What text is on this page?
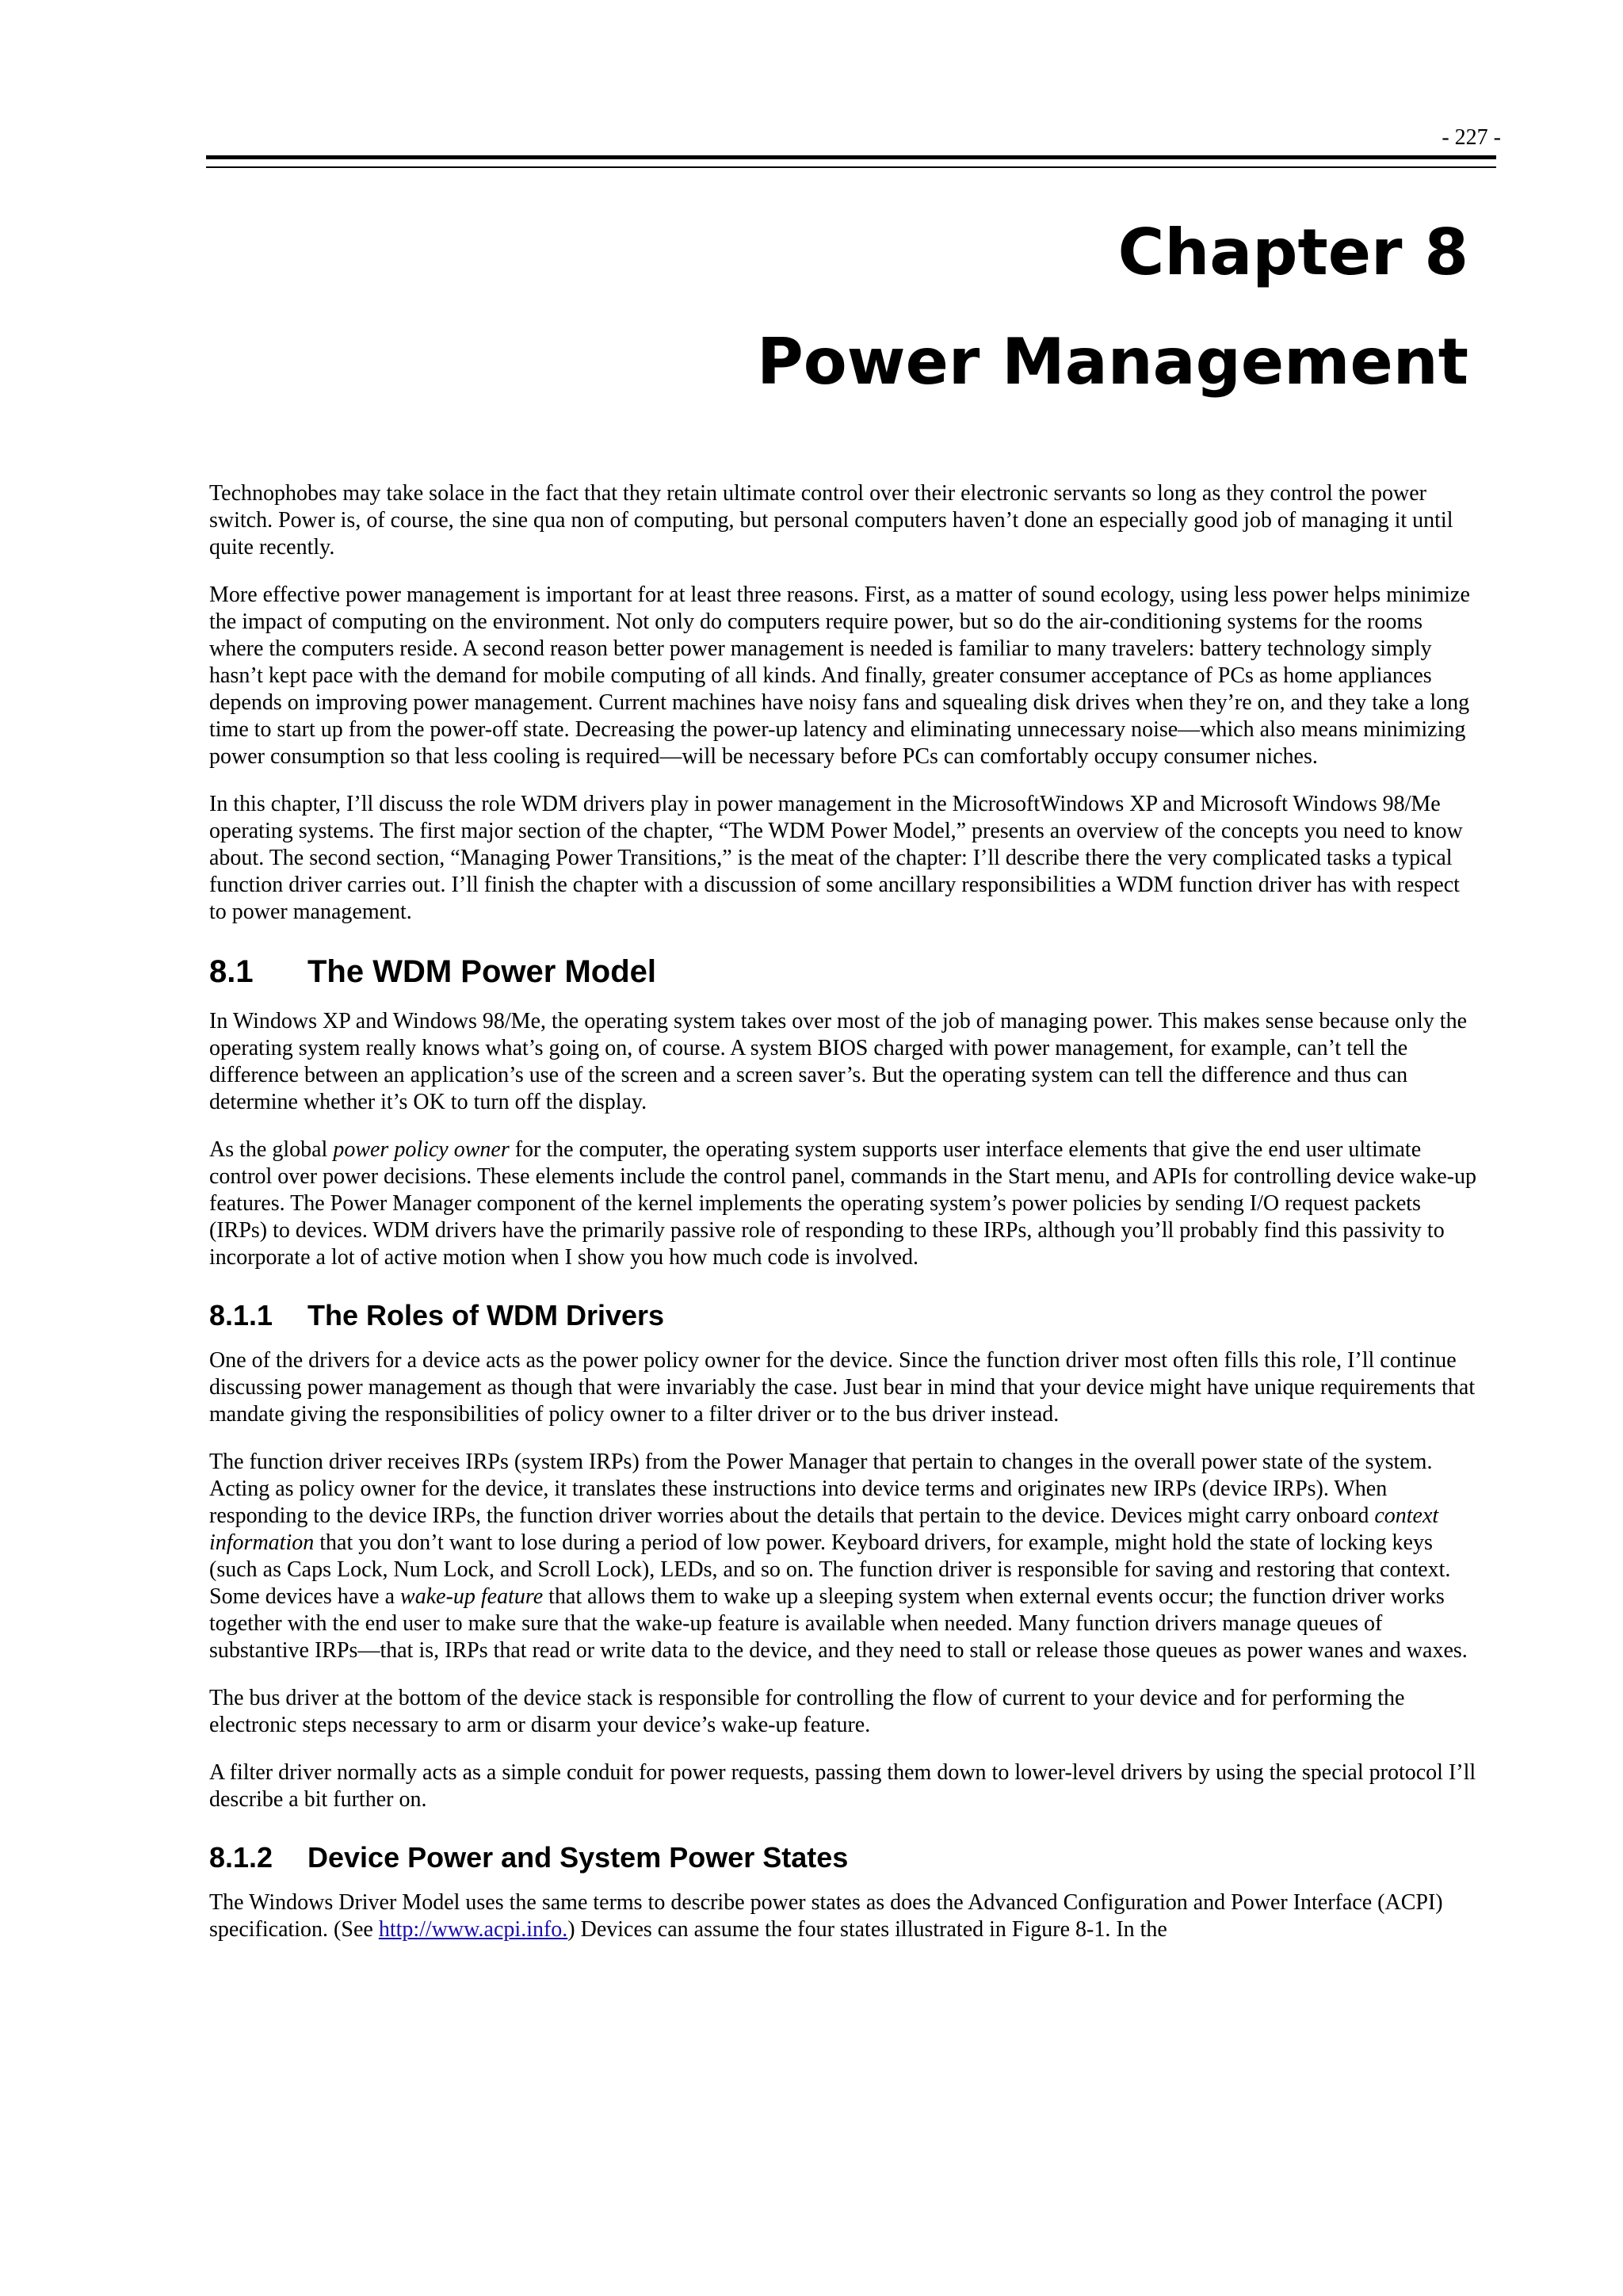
- 227 -
Chapter 8
Power Management

Technophobes may take solace in the fact that they retain ultimate control over their electronic servants so long as they control the power switch. Power is, of course, the sine qua non of computing, but personal computers haven’t done an especially good job of managing it until quite recently.

More effective power management is important for at least three reasons. First, as a matter of sound ecology, using less power helps minimize the impact of computing on the environment. Not only do computers require power, but so do the air-conditioning systems for the rooms where the computers reside. A second reason better power management is needed is familiar to many travelers: battery technology simply hasn’t kept pace with the demand for mobile computing of all kinds. And finally, greater consumer acceptance of PCs as home appliances depends on improving power management. Current machines have noisy fans and squealing disk drives when they’re on, and they take a long time to start up from the power-off state. Decreasing the power-up latency and eliminating unnecessary noise—which also means minimizing power consumption so that less cooling is required—will be necessary before PCs can comfortably occupy consumer niches.

In this chapter, I’ll discuss the role WDM drivers play in power management in the MicrosoftWindows XP and Microsoft Windows 98/Me operating systems. The first major section of the chapter, “The WDM Power Model,” presents an overview of the concepts you need to know about. The second section, “Managing Power Transitions,” is the meat of the chapter: I’ll describe there the very complicated tasks a typical function driver carries out. I’ll finish the chapter with a discussion of some ancillary responsibilities a WDM function driver has with respect to power management.

8.1 The WDM Power Model

In Windows XP and Windows 98/Me, the operating system takes over most of the job of managing power. This makes sense because only the operating system really knows what’s going on, of course. A system BIOS charged with power management, for example, can’t tell the difference between an application’s use of the screen and a screen saver’s. But the operating system can tell the difference and thus can determine whether it’s OK to turn off the display.

As the global power policy owner for the computer, the operating system supports user interface elements that give the end user ultimate control over power decisions. These elements include the control panel, commands in the Start menu, and APIs for controlling device wake-up features. The Power Manager component of the kernel implements the operating system’s power policies by sending I/O request packets (IRPs) to devices. WDM drivers have the primarily passive role of responding to these IRPs, although you’ll probably find this passivity to incorporate a lot of active motion when I show you how much code is involved.

8.1.1 The Roles of WDM Drivers

One of the drivers for a device acts as the power policy owner for the device. Since the function driver most often fills this role, I’ll continue discussing power management as though that were invariably the case. Just bear in mind that your device might have unique requirements that mandate giving the responsibilities of policy owner to a filter driver or to the bus driver instead.

The function driver receives IRPs (system IRPs) from the Power Manager that pertain to changes in the overall power state of the system. Acting as policy owner for the device, it translates these instructions into device terms and originates new IRPs (device IRPs). When responding to the device IRPs, the function driver worries about the details that pertain to the device. Devices might carry onboard context information that you don’t want to lose during a period of low power. Keyboard drivers, for example, might hold the state of locking keys (such as Caps Lock, Num Lock, and Scroll Lock), LEDs, and so on. The function driver is responsible for saving and restoring that context. Some devices have a wake-up feature that allows them to wake up a sleeping system when external events occur; the function driver works together with the end user to make sure that the wake-up feature is available when needed. Many function drivers manage queues of substantive IRPs—that is, IRPs that read or write data to the device, and they need to stall or release those queues as power wanes and waxes.

The bus driver at the bottom of the device stack is responsible for controlling the flow of current to your device and for performing the electronic steps necessary to arm or disarm your device’s wake-up feature.

A filter driver normally acts as a simple conduit for power requests, passing them down to lower-level drivers by using the special protocol I’ll describe a bit further on.

8.1.2 Device Power and System Power States

The Windows Driver Model uses the same terms to describe power states as does the Advanced Configuration and Power Interface (ACPI) specification. (See http://www.acpi.info.) Devices can assume the four states illustrated in Figure 8-1. In the
